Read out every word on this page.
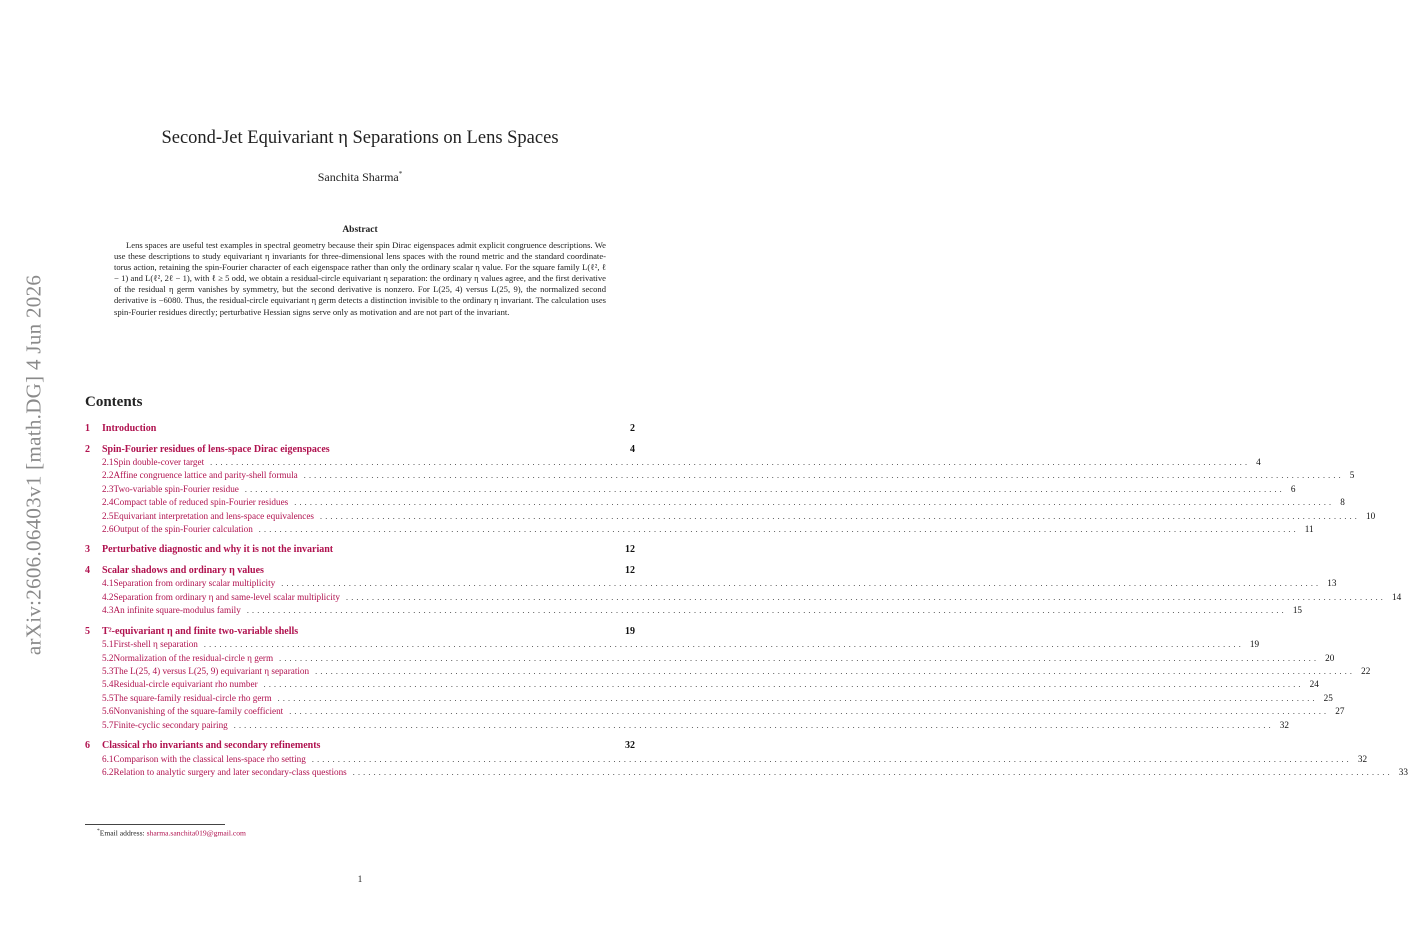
arXiv:2606.06403v1 [math.DG] 4 Jun 2026
Second-Jet Equivariant η Separations on Lens Spaces
Sanchita Sharma*
Abstract

Lens spaces are useful test examples in spectral geometry because their spin Dirac eigenspaces admit explicit congruence descriptions. We use these descriptions to study equivariant η invariants for three-dimensional lens spaces with the round metric and the standard coordinate-torus action, retaining the spin-Fourier character of each eigenspace rather than only the ordinary scalar η value. For the square family L(ℓ², ℓ − 1) and L(ℓ², 2ℓ − 1), with ℓ ≥ 5 odd, we obtain a residual-circle equivariant η separation: the ordinary η values agree, and the first derivative of the residual η germ vanishes by symmetry, but the second derivative is nonzero. For L(25, 4) versus L(25, 9), the normalized second derivative is −6080. Thus, the residual-circle equivariant η germ detects a distinction invisible to the ordinary η invariant. The calculation uses spin-Fourier residues directly; perturbative Hessian signs serve only as motivation and are not part of the invariant.

Contents
1	Introduction	2
2	Spin-Fourier residues of lens-space Dirac eigenspaces	4
2.1 Spin double-cover target ........................................................................................................................................................................................................ 4
2.2 Affine congruence lattice and parity-shell formula ........................................................................................................................................................................................................ 5
2.3 Two-variable spin-Fourier residue ........................................................................................................................................................................................................ 6
2.4 Compact table of reduced spin-Fourier residues ........................................................................................................................................................................................................ 8
2.5 Equivariant interpretation and lens-space equivalences ........................................................................................................................................................................................................ 10
2.6 Output of the spin-Fourier calculation ........................................................................................................................................................................................................ 11
3	Perturbative diagnostic and why it is not the invariant	12
4	Scalar shadows and ordinary η values	12
4.1 Separation from ordinary scalar multiplicity ........................................................................................................................................................................................................ 13
4.2 Separation from ordinary η and same-level scalar multiplicity ........................................................................................................................................................................................................ 14
4.3 An infinite square-modulus family ........................................................................................................................................................................................................ 15
5	T²-equivariant η and finite two-variable shells	19
5.1 First-shell η separation ........................................................................................................................................................................................................ 19
5.2 Normalization of the residual-circle η germ ........................................................................................................................................................................................................ 20
5.3 The L(25, 4) versus L(25, 9) equivariant η separation ........................................................................................................................................................................................................ 22
5.4 Residual-circle equivariant rho number ........................................................................................................................................................................................................ 24
5.5 The square-family residual-circle rho germ ........................................................................................................................................................................................................ 25
5.6 Nonvanishing of the square-family coefficient ........................................................................................................................................................................................................ 27
5.7 Finite-cyclic secondary pairing ........................................................................................................................................................................................................ 32
6	Classical rho invariants and secondary refinements	32
6.1 Comparison with the classical lens-space rho setting ........................................................................................................................................................................................................ 32
6.2 Relation to analytic surgery and later secondary-class questions ........................................................................................................................................................................................................ 33
*Email address: sharma.sanchita019@gmail.com
1
